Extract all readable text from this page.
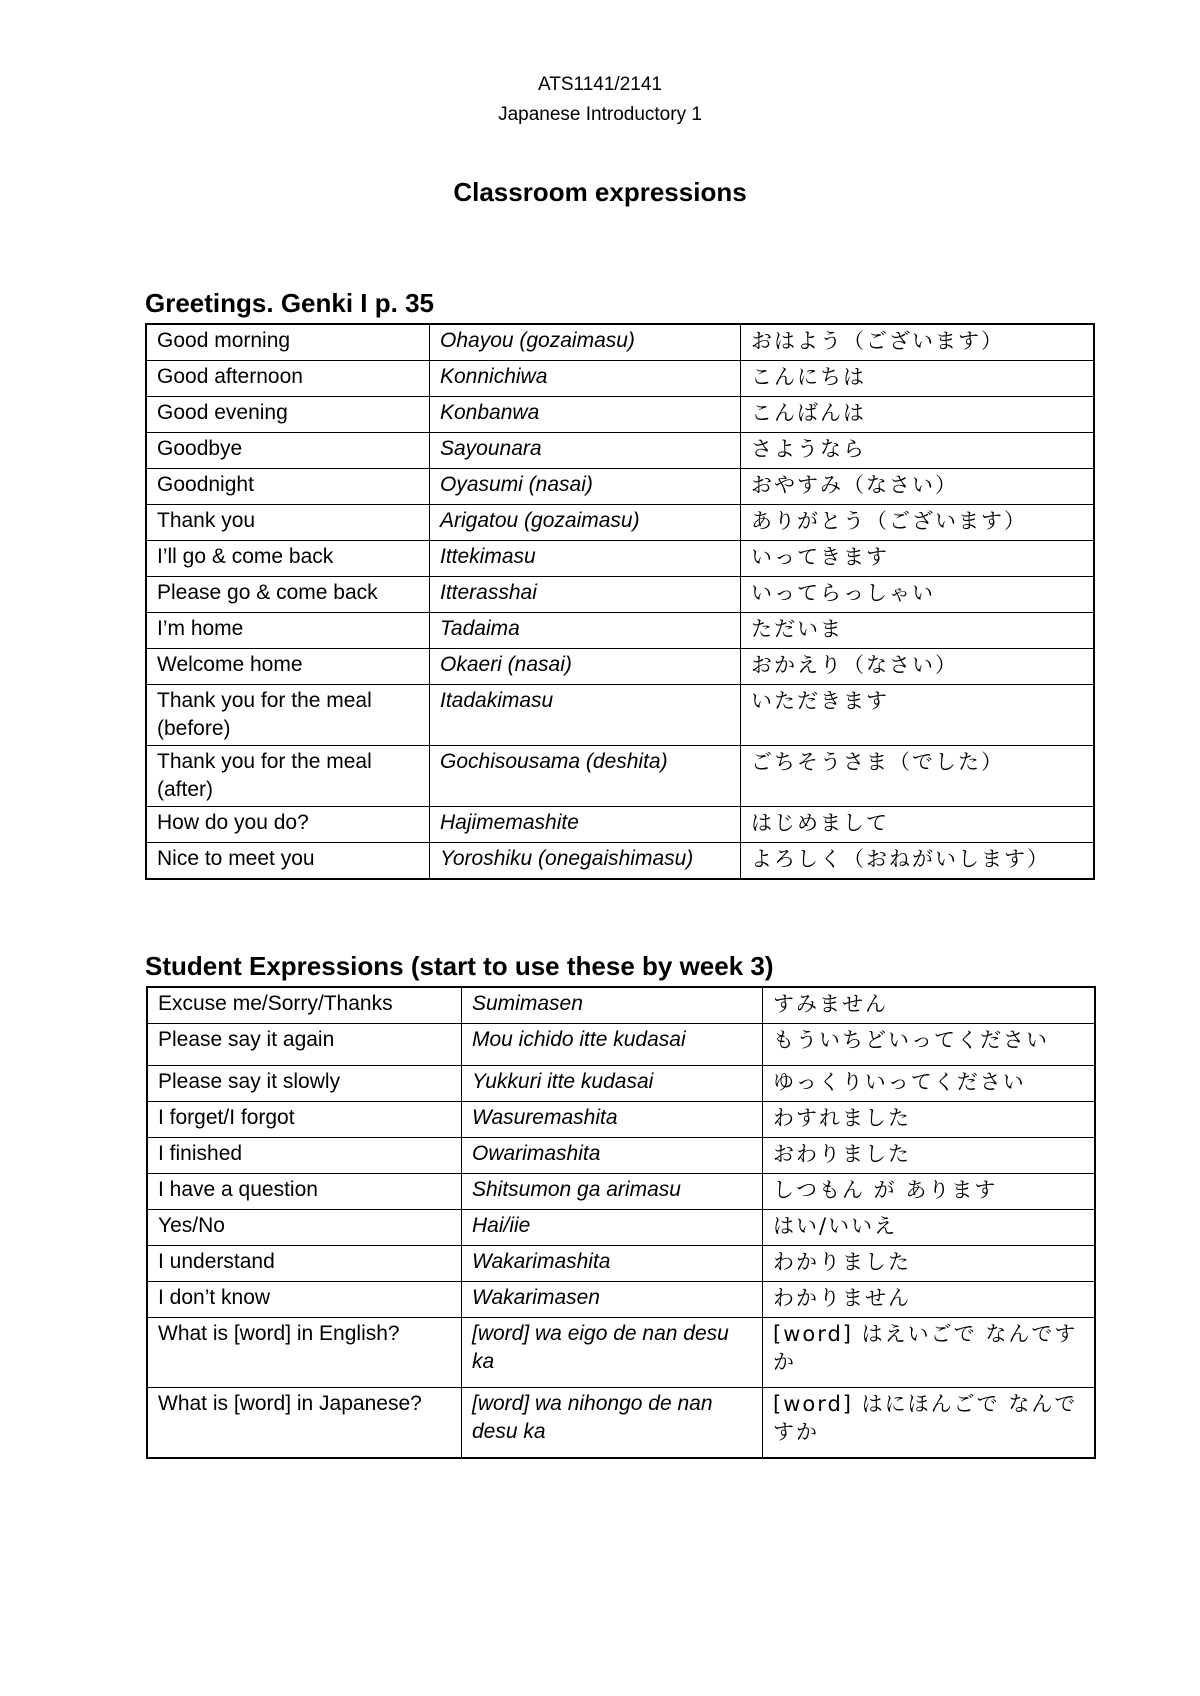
ATS1141/2141
Japanese Introductory 1
Classroom expressions
Greetings. Genki I p. 35
Good morning	Ohayou (gozaimasu)	おはよう（ございます）
Good afternoon	Konnichiwa	こんにちは
Good evening	Konbanwa	こんばんは
Goodbye	Sayounara	さようなら
Goodnight	Oyasumi (nasai)	おやすみ（なさい）
Thank you	Arigatou (gozaimasu)	ありがとう（ございます）
I’ll go & come back	Ittekimasu	いってきます
Please go & come back	Itterasshai	いってらっしゃい
I’m home	Tadaima	ただいま
Welcome home	Okaeri (nasai)	おかえり（なさい）
Thank you for the meal (before)	Itadakimasu	いただきます
Thank you for the meal (after)	Gochisousama (deshita)	ごちそうさま（でした）
How do you do?	Hajimemashite	はじめまして
Nice to meet you	Yoroshiku (onegaishimasu)	よろしく（おねがいします）
Student Expressions (start to use these by week 3)
Excuse me/Sorry/Thanks	Sumimasen	すみません
Please say it again	Mou ichido itte kudasai	もういちどいってください
Please say it slowly	Yukkuri itte kudasai	ゆっくりいってください
I forget/I forgot	Wasuremashita	わすれました
I finished	Owarimashita	おわりました
I have a question	Shitsumon ga arimasu	しつもん が あります
Yes/No	Hai/iie	はい/いいえ
I understand	Wakarimashita	わかりました
I don’t know	Wakarimasen	わかりません
What is [word] in English?	[word] wa eigo de nan desu ka	[word] はえいごで なんですか
What is [word] in Japanese?	[word] wa nihongo de nan desu ka	[word] はにほんごで なんですか
